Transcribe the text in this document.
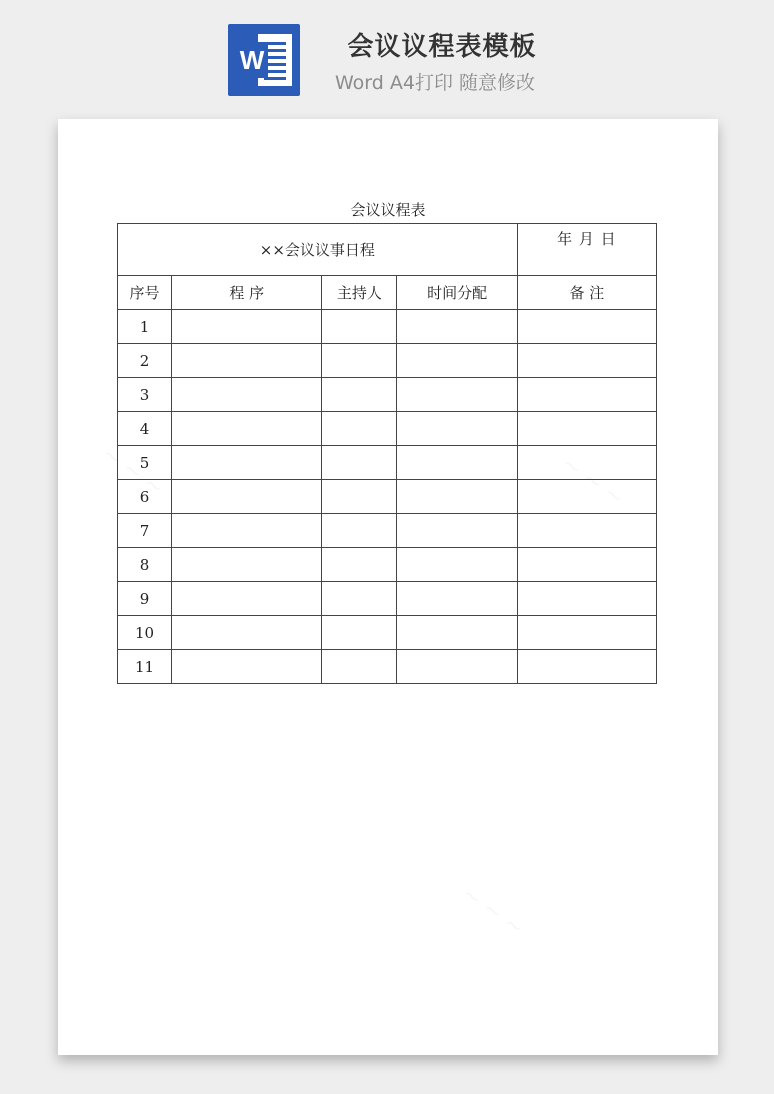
W	会议议程表模板
Word A4打印 随意修改
会议议程表
××会议议事日程				年 月 日
序号	程 序	主持人	时间分配	备 注
1				
2				
3				
4				
5				
6				
7				
8				
9				
10				
11				
